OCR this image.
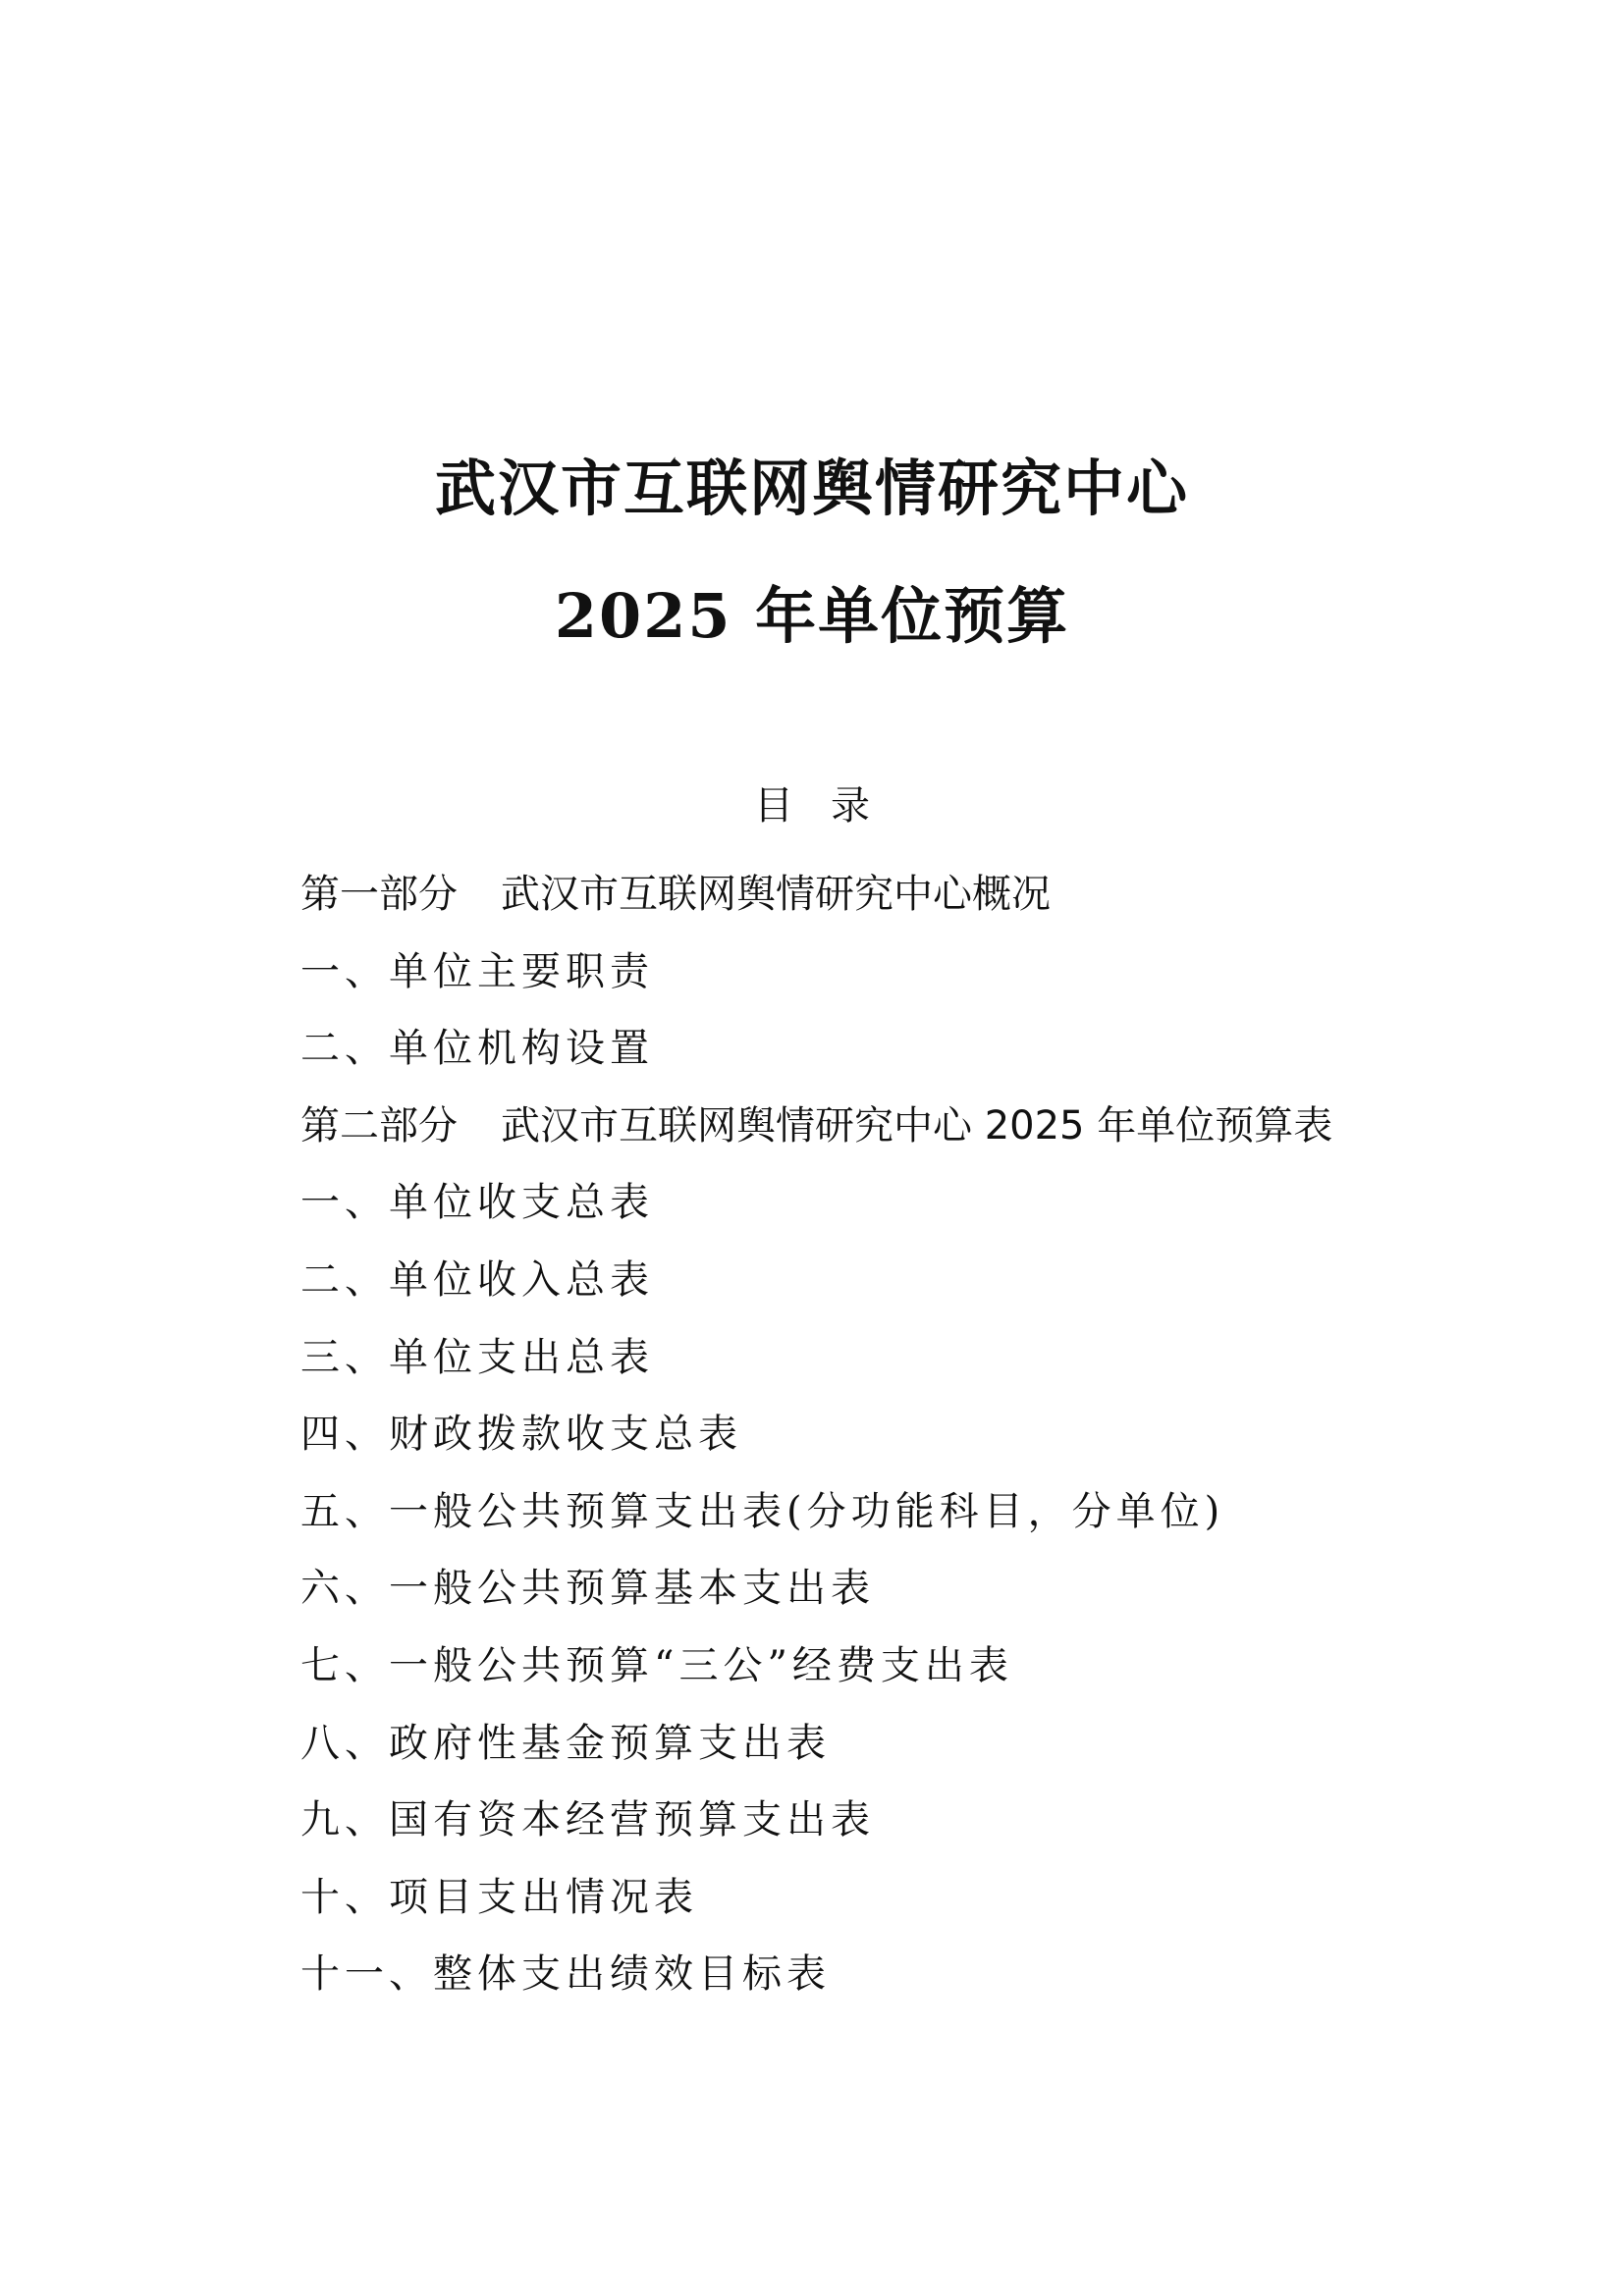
武汉市互联网舆情研究中心
2025 年单位预算
目录
第一部分 武汉市互联网舆情研究中心概况
一、单位主要职责
二、单位机构设置
第二部分 武汉市互联网舆情研究中心 2025 年单位预算表
一、单位收支总表
二、单位收入总表
三、单位支出总表
四、财政拨款收支总表
五、一般公共预算支出表(分功能科目，分单位)
六、一般公共预算基本支出表
七、一般公共预算“三公”经费支出表
八、政府性基金预算支出表
九、国有资本经营预算支出表
十、项目支出情况表
十一、整体支出绩效目标表
